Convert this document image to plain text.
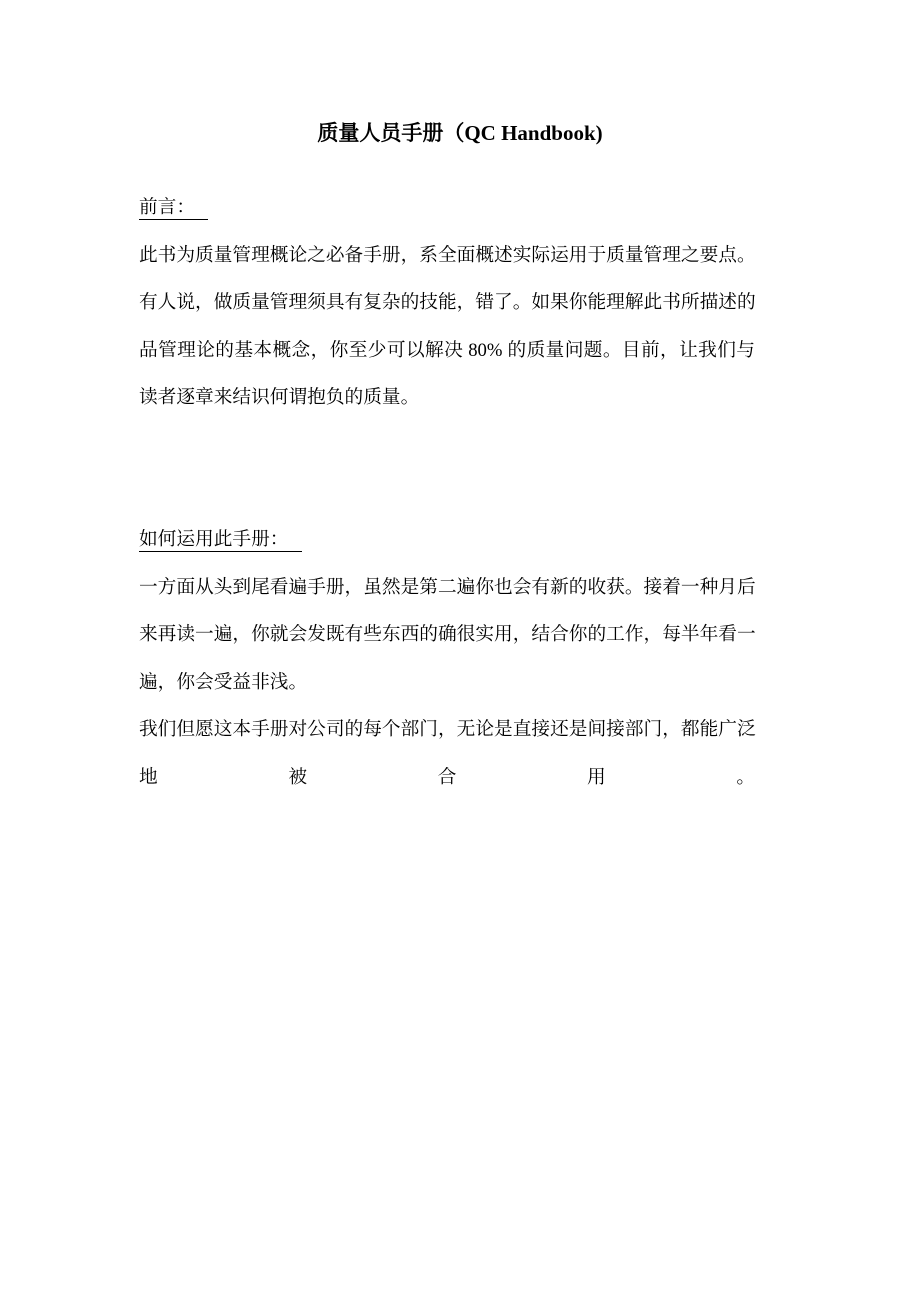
质量人员手册（QC Handbook)
前言：
此书为质量管理概论之必备手册，系全面概述实际运用于质量管理之要点。
有人说，做质量管理须具有复杂的技能，错了。如果你能理解此书所描述的
品管理论的基本概念，你至少可以解决 80% 的质量问题。目前，让我们与
读者逐章来结识何谓抱负的质量。
如何运用此手册：
一方面从头到尾看遍手册，虽然是第二遍你也会有新的收获。接着一种月后
来再读一遍，你就会发既有些东西的确很实用，结合你的工作，每半年看一
遍，你会受益非浅。
我们但愿这本手册对公司的每个部门，无论是直接还是间接部门，都能广泛
地	被	合	用	。
